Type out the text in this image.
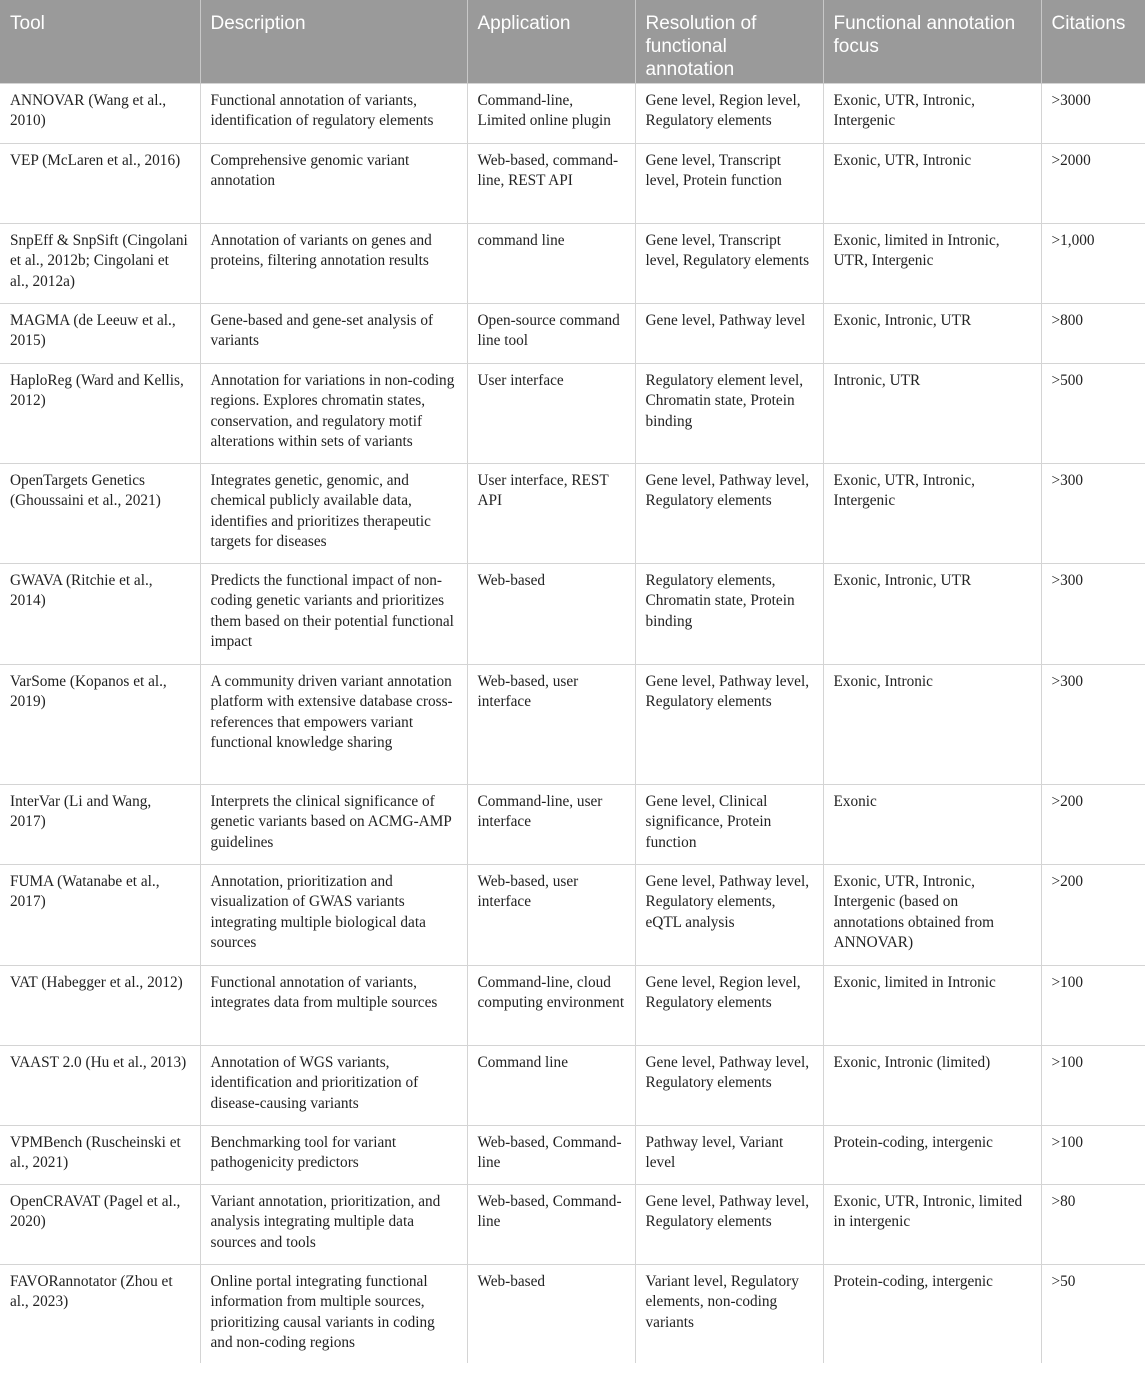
Tool	Description	Application	Resolution of functional annotation	Functional annotation focus	Citations
ANNOVAR (Wang et al., 2010)	Functional annotation of variants, identification of regulatory elements	Command-line, Limited online plugin	Gene level, Region level, Regulatory elements	Exonic, UTR, Intronic, Intergenic	>3000
VEP (McLaren et al., 2016)	Comprehensive genomic variant annotation	Web-based, command-line, REST API	Gene level, Transcript level, Protein function	Exonic, UTR, Intronic	>2000
SnpEff & SnpSift (Cingolani et al., 2012b; Cingolani et al., 2012a)	Annotation of variants on genes and proteins, filtering annotation results	command line	Gene level, Transcript level, Regulatory elements	Exonic, limited in Intronic, UTR, Intergenic	>1,000
MAGMA (de Leeuw et al., 2015)	Gene-based and gene-set analysis of variants	Open-source command line tool	Gene level, Pathway level	Exonic, Intronic, UTR	>800
HaploReg (Ward and Kellis, 2012)	Annotation for variations in non-coding regions. Explores chromatin states, conservation, and regulatory motif alterations within sets of variants	User interface	Regulatory element level, Chromatin state, Protein binding	Intronic, UTR	>500
OpenTargets Genetics (Ghoussaini et al., 2021)	Integrates genetic, genomic, and chemical publicly available data, identifies and prioritizes therapeutic targets for diseases	User interface, REST API	Gene level, Pathway level, Regulatory elements	Exonic, UTR, Intronic, Intergenic	>300
GWAVA (Ritchie et al., 2014)	Predicts the functional impact of non-coding genetic variants and prioritizes them based on their potential functional impact	Web-based	Regulatory elements, Chromatin state, Protein binding	Exonic, Intronic, UTR	>300
VarSome (Kopanos et al., 2019)	A community driven variant annotation platform with extensive database cross-references that empowers variant functional knowledge sharing	Web-based, user interface	Gene level, Pathway level, Regulatory elements	Exonic, Intronic	>300
InterVar (Li and Wang, 2017)	Interprets the clinical significance of genetic variants based on ACMG-AMP guidelines	Command-line, user interface	Gene level, Clinical significance, Protein function	Exonic	>200
FUMA (Watanabe et al., 2017)	Annotation, prioritization and visualization of GWAS variants integrating multiple biological data sources	Web-based, user interface	Gene level, Pathway level, Regulatory elements, eQTL analysis	Exonic, UTR, Intronic, Intergenic (based on annotations obtained from ANNOVAR)	>200
VAT (Habegger et al., 2012)	Functional annotation of variants, integrates data from multiple sources	Command-line, cloud computing environment	Gene level, Region level, Regulatory elements	Exonic, limited in Intronic	>100
VAAST 2.0 (Hu et al., 2013)	Annotation of WGS variants, identification and prioritization of disease-causing variants	Command line	Gene level, Pathway level, Regulatory elements	Exonic, Intronic (limited)	>100
VPMBench (Ruscheinski et al., 2021)	Benchmarking tool for variant pathogenicity predictors	Web-based, Command-line	Pathway level, Variant level	Protein-coding, intergenic	>100
OpenCRAVAT (Pagel et al., 2020)	Variant annotation, prioritization, and analysis integrating multiple data sources and tools	Web-based, Command-line	Gene level, Pathway level, Regulatory elements	Exonic, UTR, Intronic, limited in intergenic	>80
FAVORannotator (Zhou et al., 2023)	Online portal integrating functional information from multiple sources, prioritizing causal variants in coding and non-coding regions	Web-based	Variant level, Regulatory elements, non-coding variants	Protein-coding, intergenic	>50
